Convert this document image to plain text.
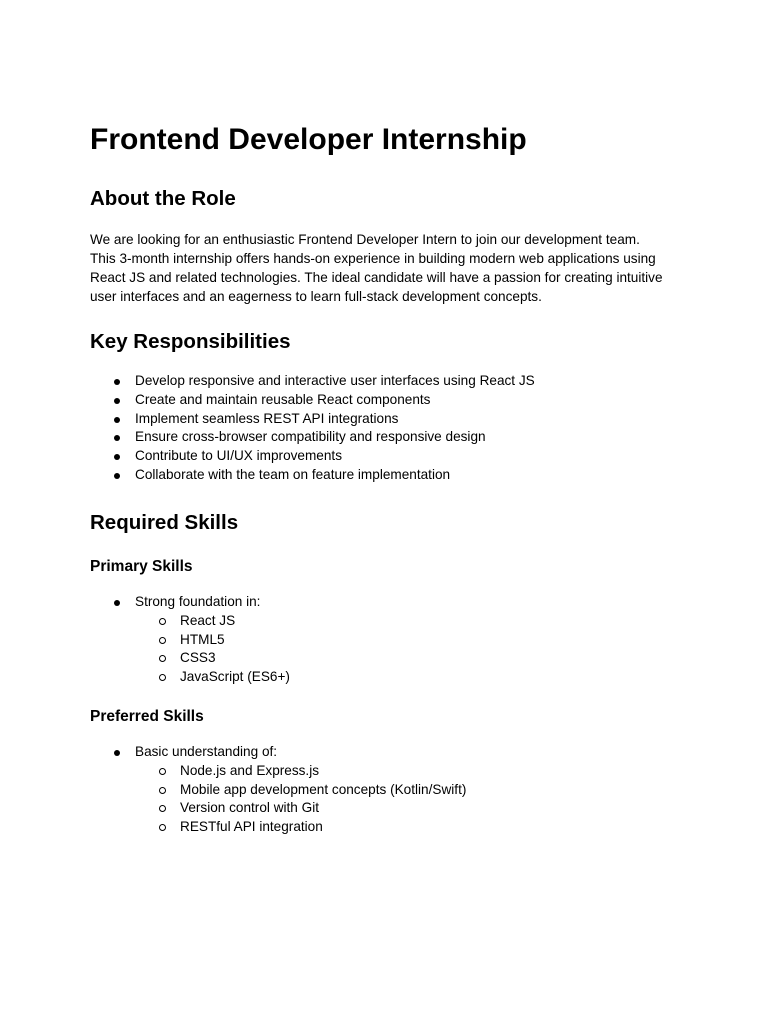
Frontend Developer Internship
About the Role

We are looking for an enthusiastic Frontend Developer Intern to join our development team.
This 3-month internship offers hands-on experience in building modern web applications using
React JS and related technologies. The ideal candidate will have a passion for creating intuitive
user interfaces and an eagerness to learn full-stack development concepts.

Key Responsibilities
Develop responsive and interactive user interfaces using React JS
Create and maintain reusable React components
Implement seamless REST API integrations
Ensure cross-browser compatibility and responsive design
Contribute to UI/UX improvements
Collaborate with the team on feature implementation
Required Skills
Primary Skills
Strong foundation in:
React JS
HTML5
CSS3
JavaScript (ES6+)
Preferred Skills
Basic understanding of:
Node.js and Express.js
Mobile app development concepts (Kotlin/Swift)
Version control with Git
RESTful API integration
